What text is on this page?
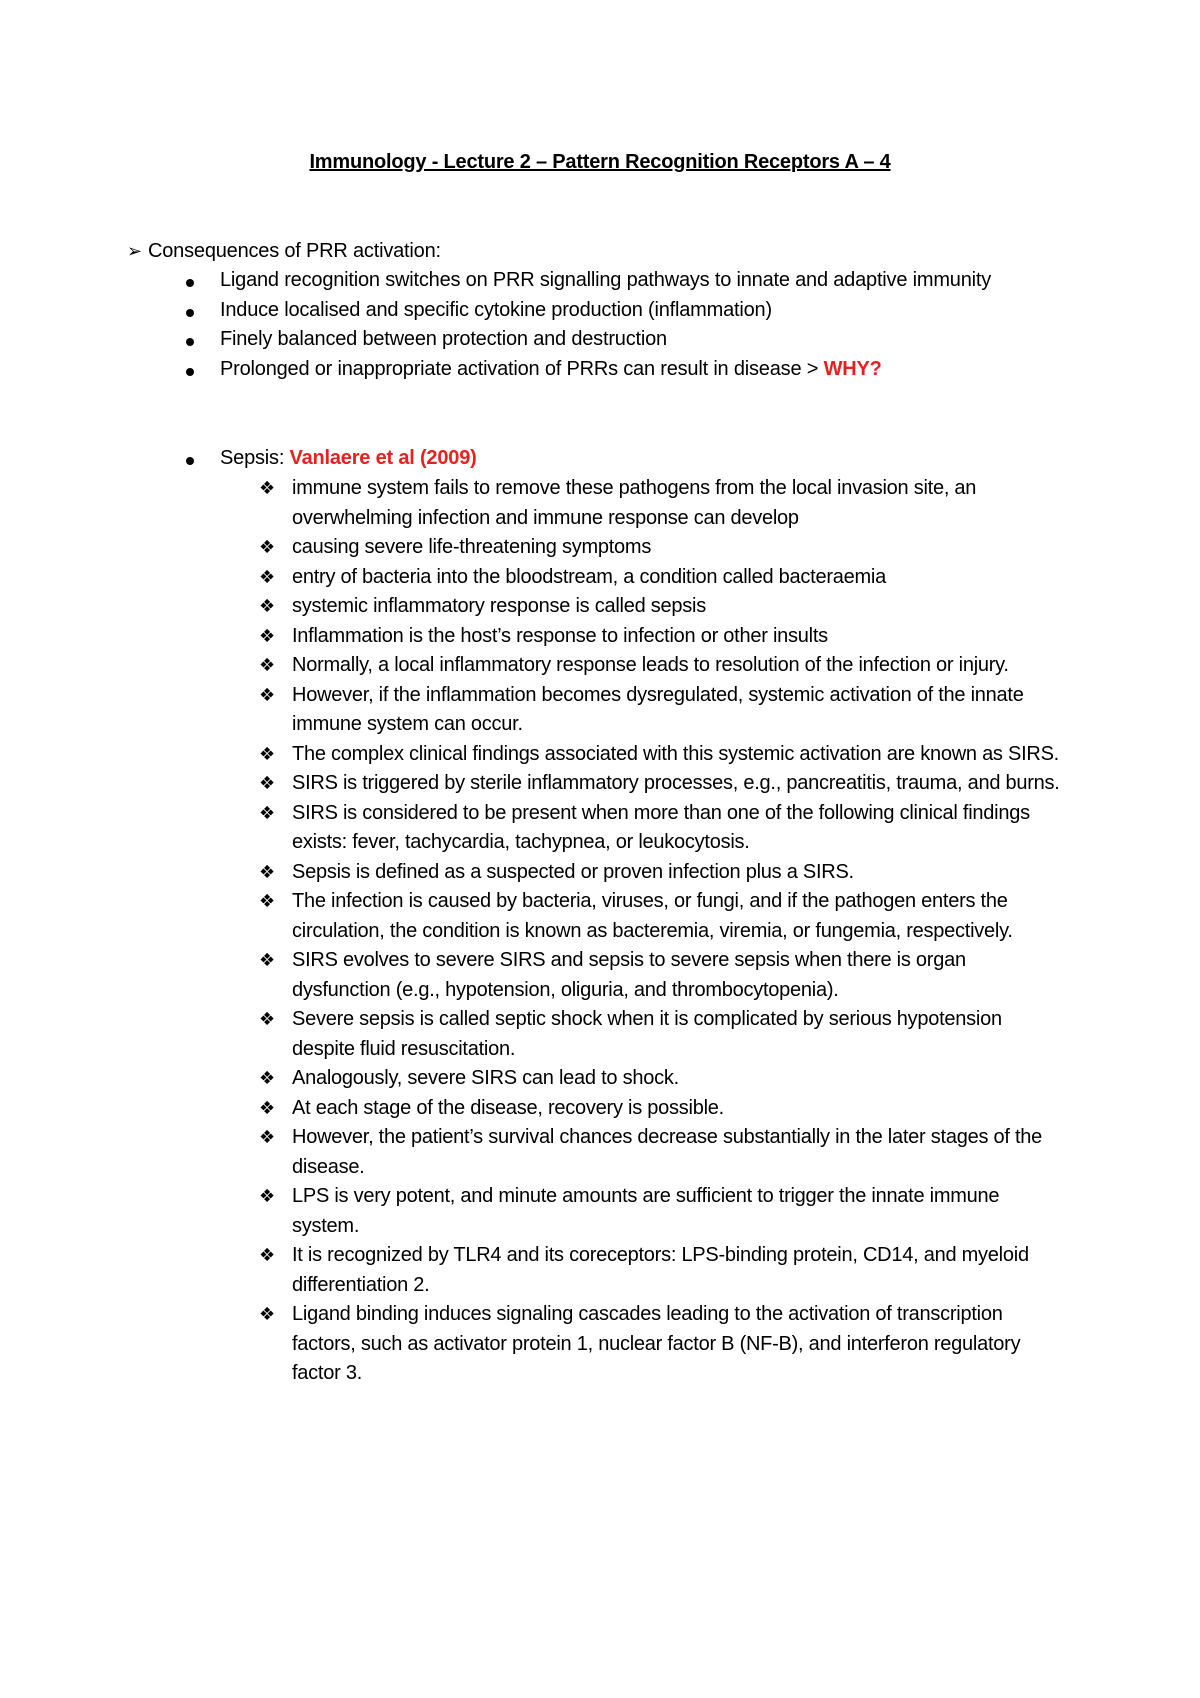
Immunology - Lecture 2 – Pattern Recognition Receptors A – 4
➢ Consequences of PRR activation:
Ligand recognition switches on PRR signalling pathways to innate and adaptive immunity
Induce localised and specific cytokine production (inflammation)
Finely balanced between protection and destruction
Prolonged or inappropriate activation of PRRs can result in disease > WHY?
Sepsis: Vanlaere et al (2009)
❖ immune system fails to remove these pathogens from the local invasion site, an overwhelming infection and immune response can develop
❖ causing severe life-threatening symptoms
❖ entry of bacteria into the bloodstream, a condition called bacteraemia
❖ systemic inflammatory response is called sepsis
❖ Inflammation is the host’s response to infection or other insults
❖ Normally, a local inflammatory response leads to resolution of the infection or injury.
❖ However, if the inflammation becomes dysregulated, systemic activation of the innate immune system can occur.
❖ The complex clinical findings associated with this systemic activation are known as SIRS.
❖ SIRS is triggered by sterile inflammatory processes, e.g., pancreatitis, trauma, and burns.
❖ SIRS is considered to be present when more than one of the following clinical findings exists: fever, tachycardia, tachypnea, or leukocytosis.
❖ Sepsis is defined as a suspected or proven infection plus a SIRS.
❖ The infection is caused by bacteria, viruses, or fungi, and if the pathogen enters the circulation, the condition is known as bacteremia, viremia, or fungemia, respectively.
❖ SIRS evolves to severe SIRS and sepsis to severe sepsis when there is organ dysfunction (e.g., hypotension, oliguria, and thrombocytopenia).
❖ Severe sepsis is called septic shock when it is complicated by serious hypotension despite fluid resuscitation.
❖ Analogously, severe SIRS can lead to shock.
❖ At each stage of the disease, recovery is possible.
❖ However, the patient’s survival chances decrease substantially in the later stages of the disease.
❖ LPS is very potent, and minute amounts are sufficient to trigger the innate immune system.
❖ It is recognized by TLR4 and its coreceptors: LPS-binding protein, CD14, and myeloid differentiation 2.
❖ Ligand binding induces signaling cascades leading to the activation of transcription factors, such as activator protein 1, nuclear factor B (NF-B), and interferon regulatory factor 3.
